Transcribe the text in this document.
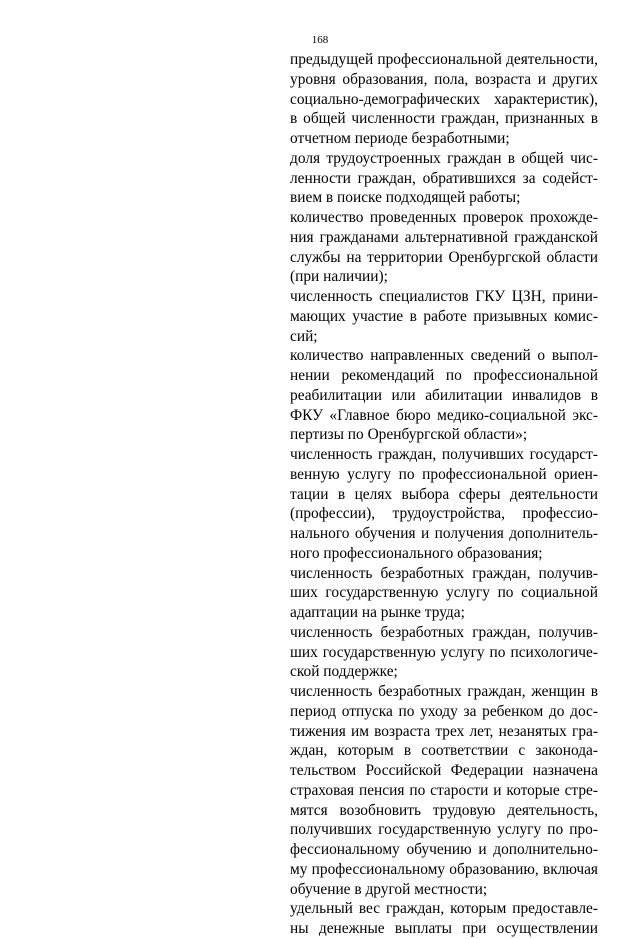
168
предыдущей профессиональной деятельности,
уровня образования, пола, возраста и других
социально-демографических характеристик),
в общей численности граждан, признанных в
отчетном периоде безработными;
доля трудоустроенных граждан в общей чис-
ленности граждан, обратившихся за содейст-
вием в поиске подходящей работы;
количество проведенных проверок прохожде-
ния гражданами альтернативной гражданской
службы на территории Оренбургской области
(при наличии);
численность специалистов ГКУ ЦЗН, прини-
мающих участие в работе призывных комис-
сий;
количество направленных сведений о выпол-
нении рекомендаций по профессиональной
реабилитации или абилитации инвалидов в
ФКУ «Главное бюро медико-социальной экс-
пертизы по Оренбургской области»;
численность граждан, получивших государст-
венную услугу по профессиональной ориен-
тации в целях выбора сферы деятельности
(профессии), трудоустройства, профессио-
нального обучения и получения дополнитель-
ного профессионального образования;
численность безработных граждан, получив-
ших государственную услугу по социальной
адаптации на рынке труда;
численность безработных граждан, получив-
ших государственную услугу по психологиче-
ской поддержке;
численность безработных граждан, женщин в
период отпуска по уходу за ребенком до дос-
тижения им возраста трех лет, незанятых гра-
ждан, которым в соответствии с законода-
тельством Российской Федерации назначена
страховая пенсия по старости и которые стре-
мятся возобновить трудовую деятельность,
получивших государственную услугу по про-
фессиональному обучению и дополнительно-
му профессиональному образованию, включая
обучение в другой местности;
удельный вес граждан, которым предоставле-
ны денежные выплаты при осуществлении
